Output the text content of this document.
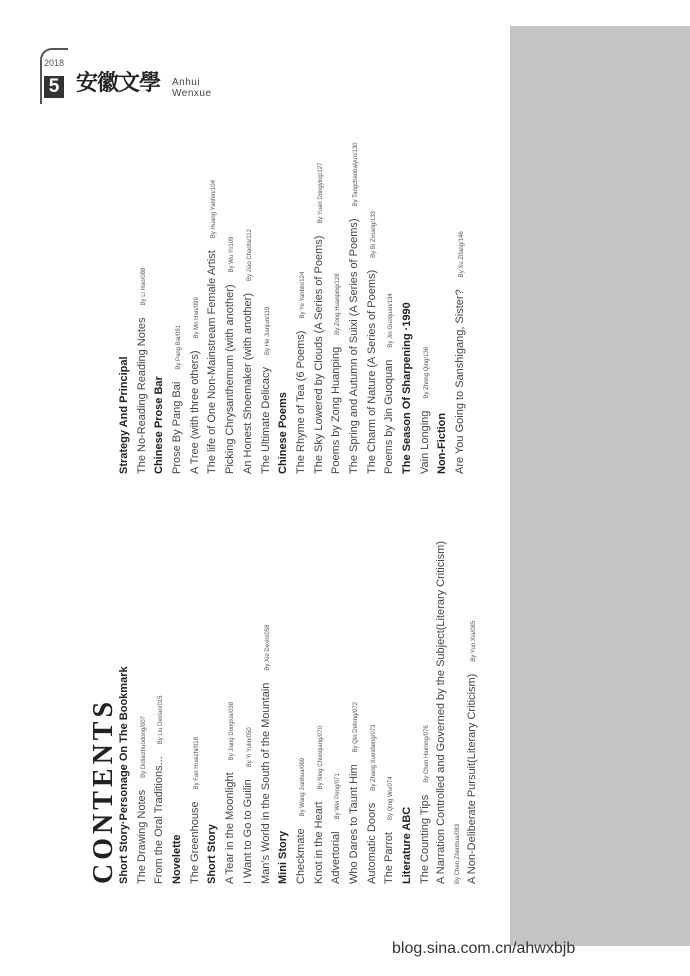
2018
5 安徽文學 Anhui Wenxue
CONTENTS Short Story·Personage On The Bookmark The Drawing NotesBy Didiaizhuodong/007
From the Oral Traditions...By Liu Dexian/015
Novelette The GreenhouseBy Fan Huaizhi/018
Short Story A Tear in the MoonlightBy Jiang Dongxia/038
I Want to Go to GuilinBy Yi Yulin/050 Man’s World in the South of the MountainBy Xie Dexin/058
Mini Story CheckmateBy Wang Jianhua/069
Knot in the HeartBy Ning Chunqiang/070
AdvertorialBy Wei Peng/071 Who Dares to Taunt HimBy Qin Delong/072
Automatic DoorsBy Zhang Xuesheng/073
The ParrotBy Qing Wu/074
Literature ABC The Counting TipsBy Chen Hairong/076 A Narration Controlled and Governed by the Subject(Literary Criticism)	By Chen Zhenhua/083 A Non-Deliberate Pursuit(Literary Criticism)By Yun Xia/085
Strategy And Principal The No-Reading Reading NotesBy Li Hao/088
Chinese Prose Bar Prose By Pang BaiBy Pang Bai/091
A Tree (with three others)By Mo Han/099 The life of One Non-Mainstream Female ArtistBy Huang Yanfen/104
Picking Chrysanthemum (with another)By Wu Yi/109
An Honest Shoemaker (with another)By Jiao Chaofa/112
The Ultimate DelicacyBy He Jianjun/119
Chinese Poems The Rhyme of Tea (6 Poems)By Ye Yanbin/124 The Sky Lowered by Clouds (A Series of Poems)By Yuan Dongying/127
Poems by Zong HuanpingBy Zong Huanping/128 The Spring and Autumn of Suixi (A Series of Poems)By Tangchaobaiyun/130
The Charm of Nature (A Series of Poems)By Bi Zixiang/133
Poems by Jin GuoquanBy Jin Guoquan/134 The Season Of Sharpening ·1990 Vain LongingBy Zhong Qing/136
Non-Fiction Are You Going to Sanshigang, Sister?By Xu Zifang/146
blog.sina.com.cn/ahwxbjb
